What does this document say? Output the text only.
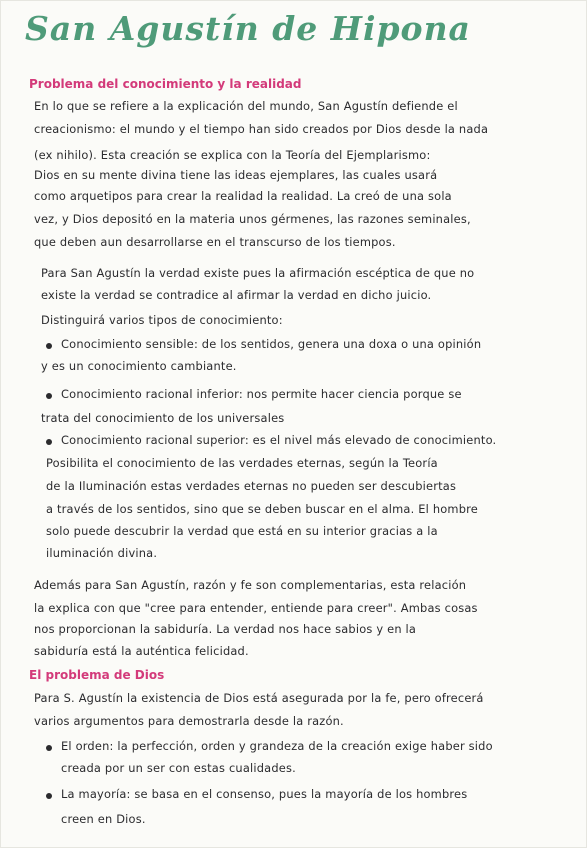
San Agustín de Hipona
Problema del conocimiento y la realidad

En lo que se refiere a la explicación del mundo, San Agustín defiende el

creacionismo: el mundo y el tiempo han sido creados por Dios desde la nada

(ex nihilo). Esta creación se explica con la Teoría del Ejemplarismo:

Dios en su mente divina tiene las ideas ejemplares, las cuales usará

como arquetipos para crear la realidad la realidad. La creó de una sola

vez, y Dios depositó en la materia unos gérmenes, las razones seminales,

que deben aun desarrollarse en el transcurso de los tiempos.

Para San Agustín la verdad existe pues la afirmación escéptica de que no

existe la verdad se contradice al afirmar la verdad en dicho juicio.

Distinguirá varios tipos de conocimiento:

Conocimiento sensible: de los sentidos, genera una doxa o una opinión

y es un conocimiento cambiante.

Conocimiento racional inferior: nos permite hacer ciencia porque se

trata del conocimiento de los universales

Conocimiento racional superior: es el nivel más elevado de conocimiento.

Posibilita el conocimiento de las verdades eternas, según la Teoría

de la Iluminación estas verdades eternas no pueden ser descubiertas

a través de los sentidos, sino que se deben buscar en el alma. El hombre

solo puede descubrir la verdad que está en su interior gracias a la

iluminación divina.

Además para San Agustín, razón y fe son complementarias, esta relación

la explica con que "cree para entender, entiende para creer". Ambas cosas

nos proporcionan la sabiduría. La verdad nos hace sabios y en la

sabiduría está la auténtica felicidad.

El problema de Dios

Para S. Agustín la existencia de Dios está asegurada por la fe, pero ofrecerá

varios argumentos para demostrarla desde la razón.

El orden: la perfección, orden y grandeza de la creación exige haber sido

creada por un ser con estas cualidades.

La mayoría: se basa en el consenso, pues la mayoría de los hombres

creen en Dios.
